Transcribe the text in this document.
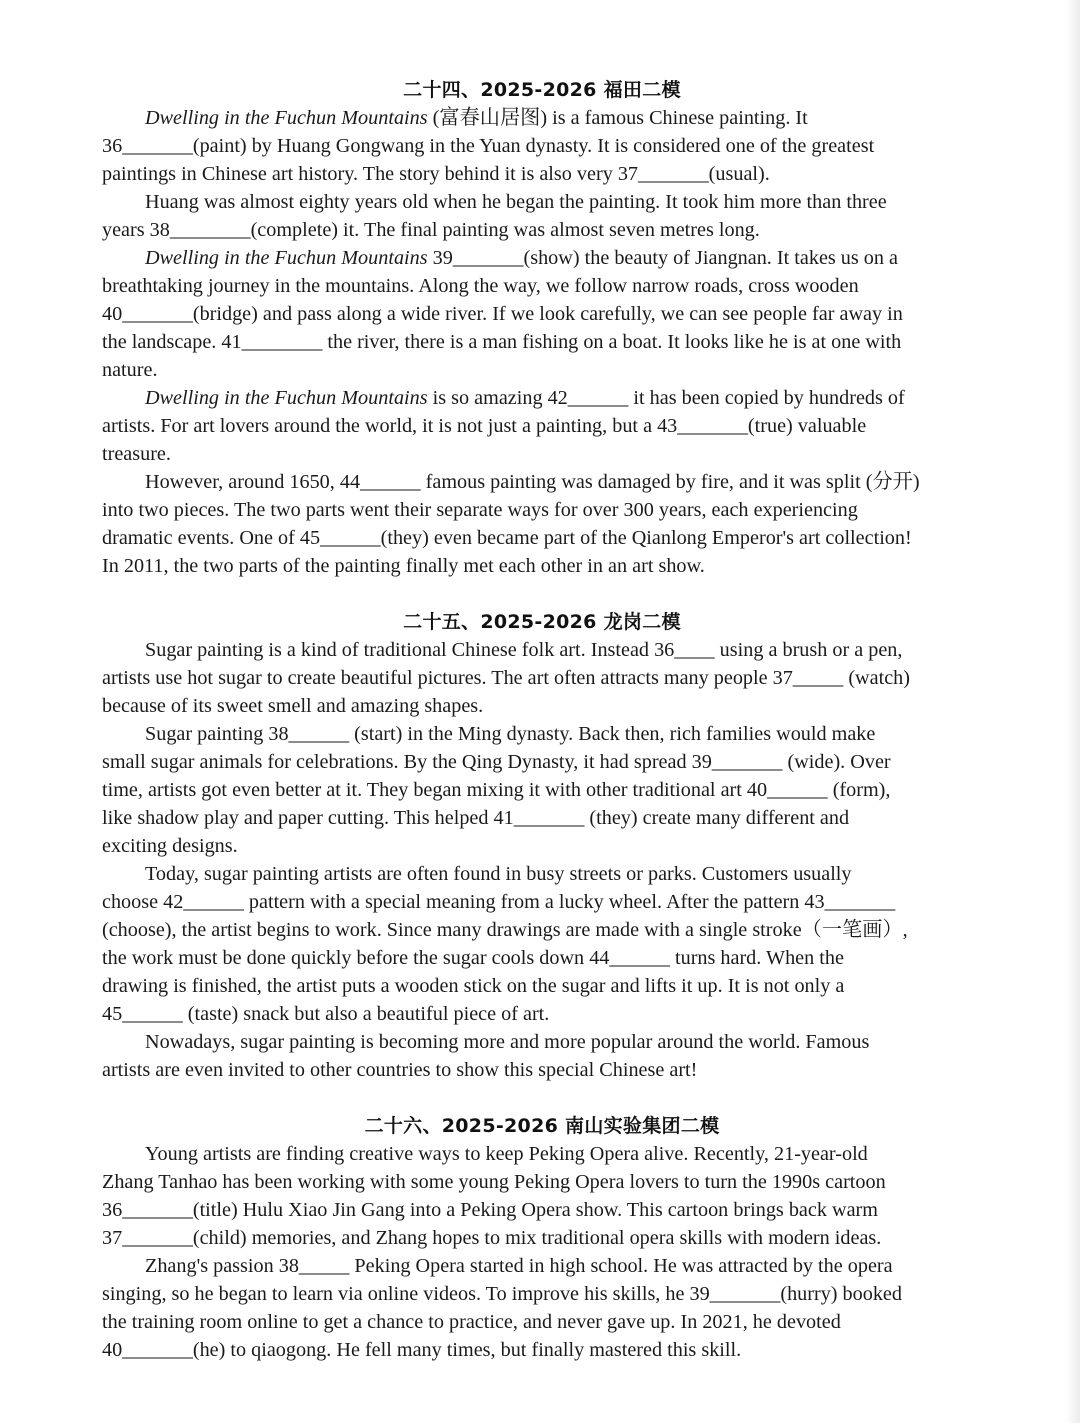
二十四、2025-2026 福田二模
Dwelling in the Fuchun Mountains (富春山居图) is a famous Chinese painting. It
36_______(paint) by Huang Gongwang in the Yuan dynasty. It is considered one of the greatest
paintings in Chinese art history. The story behind it is also very 37_______(usual).
Huang was almost eighty years old when he began the painting. It took him more than three
years 38________(complete) it. The final painting was almost seven metres long.
Dwelling in the Fuchun Mountains 39_______(show) the beauty of Jiangnan. It takes us on a
breathtaking journey in the mountains. Along the way, we follow narrow roads, cross wooden
40_______(bridge) and pass along a wide river. If we look carefully, we can see people far away in
the landscape. 41________ the river, there is a man fishing on a boat. It looks like he is at one with
nature.
Dwelling in the Fuchun Mountains is so amazing 42______ it has been copied by hundreds of
artists. For art lovers around the world, it is not just a painting, but a 43_______(true) valuable
treasure.
However, around 1650, 44______ famous painting was damaged by fire, and it was split (分开)
into two pieces. The two parts went their separate ways for over 300 years, each experiencing
dramatic events. One of 45______(they) even became part of the Qianlong Emperor's art collection!
In 2011, the two parts of the painting finally met each other in an art show.
二十五、2025-2026 龙岗二模
Sugar painting is a kind of traditional Chinese folk art. Instead 36____ using a brush or a pen,
artists use hot sugar to create beautiful pictures. The art often attracts many people 37_____ (watch)
because of its sweet smell and amazing shapes.
Sugar painting 38______ (start) in the Ming dynasty. Back then, rich families would make
small sugar animals for celebrations. By the Qing Dynasty, it had spread 39_______ (wide). Over
time, artists got even better at it. They began mixing it with other traditional art 40______ (form),
like shadow play and paper cutting. This helped 41_______ (they) create many different and
exciting designs.
Today, sugar painting artists are often found in busy streets or parks. Customers usually
choose 42______ pattern with a special meaning from a lucky wheel. After the pattern 43_______
(choose), the artist begins to work. Since many drawings are made with a single stroke（一笔画）,
the work must be done quickly before the sugar cools down 44______ turns hard. When the
drawing is finished, the artist puts a wooden stick on the sugar and lifts it up. It is not only a
45______ (taste) snack but also a beautiful piece of art.
Nowadays, sugar painting is becoming more and more popular around the world. Famous
artists are even invited to other countries to show this special Chinese art!
二十六、2025-2026 南山实验集团二模
Young artists are finding creative ways to keep Peking Opera alive. Recently, 21-year-old
Zhang Tanhao has been working with some young Peking Opera lovers to turn the 1990s cartoon
36_______(title) Hulu Xiao Jin Gang into a Peking Opera show. This cartoon brings back warm
37_______(child) memories, and Zhang hopes to mix traditional opera skills with modern ideas.
Zhang's passion 38_____ Peking Opera started in high school. He was attracted by the opera
singing, so he began to learn via online videos. To improve his skills, he 39_______(hurry) booked
the training room online to get a chance to practice, and never gave up. In 2021, he devoted
40_______(he) to qiaogong. He fell many times, but finally mastered this skill.
